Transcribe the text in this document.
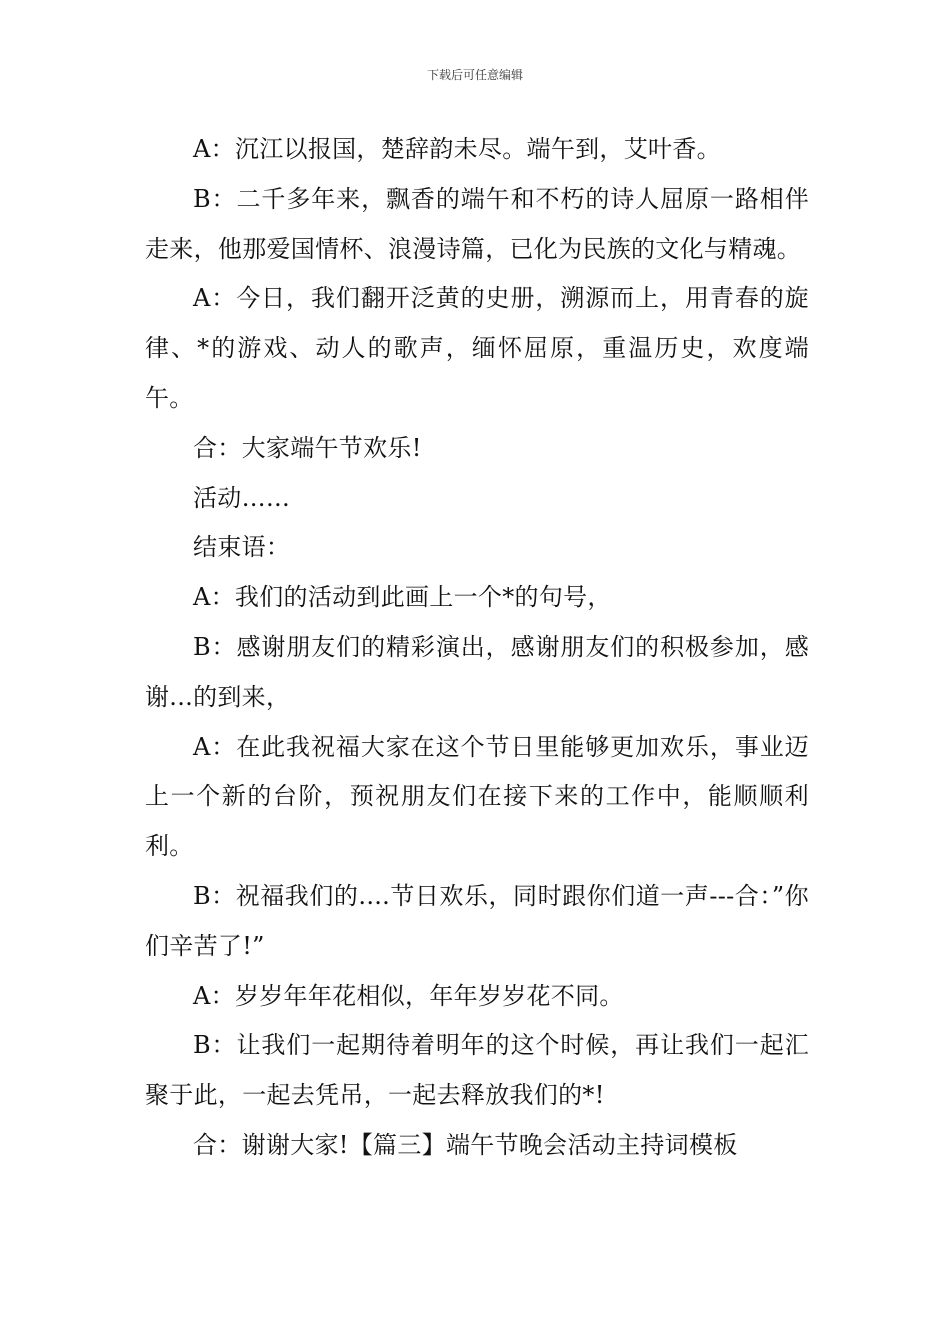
下载后可任意编辑

A：沉江以报国，楚辞韵未尽。端午到，艾叶香。

B：二千多年来，飘香的端午和不朽的诗人屈原一路相伴走来，他那爱国情杯、浪漫诗篇，已化为民族的文化与精魂。

A：今日，我们翻开泛黄的史册，溯源而上，用青春的旋律、*的游戏、动人的歌声，缅怀屈原，重温历史，欢度端午。

合：大家端午节欢乐!

活动……

结束语：

A：我们的活动到此画上一个*的句号，

B：感谢朋友们的精彩演出，感谢朋友们的积极参加，感谢...的到来，

A：在此我祝福大家在这个节日里能够更加欢乐，事业迈上一个新的台阶，预祝朋友们在接下来的工作中，能顺顺利利。

B：祝福我们的....节日欢乐，同时跟你们道一声---合：”你们辛苦了!”

A：岁岁年年花相似，年年岁岁花不同。

B：让我们一起期待着明年的这个时候，再让我们一起汇聚于此，一起去凭吊，一起去释放我们的*!

合：谢谢大家!【篇三】端午节晚会活动主持词模板
